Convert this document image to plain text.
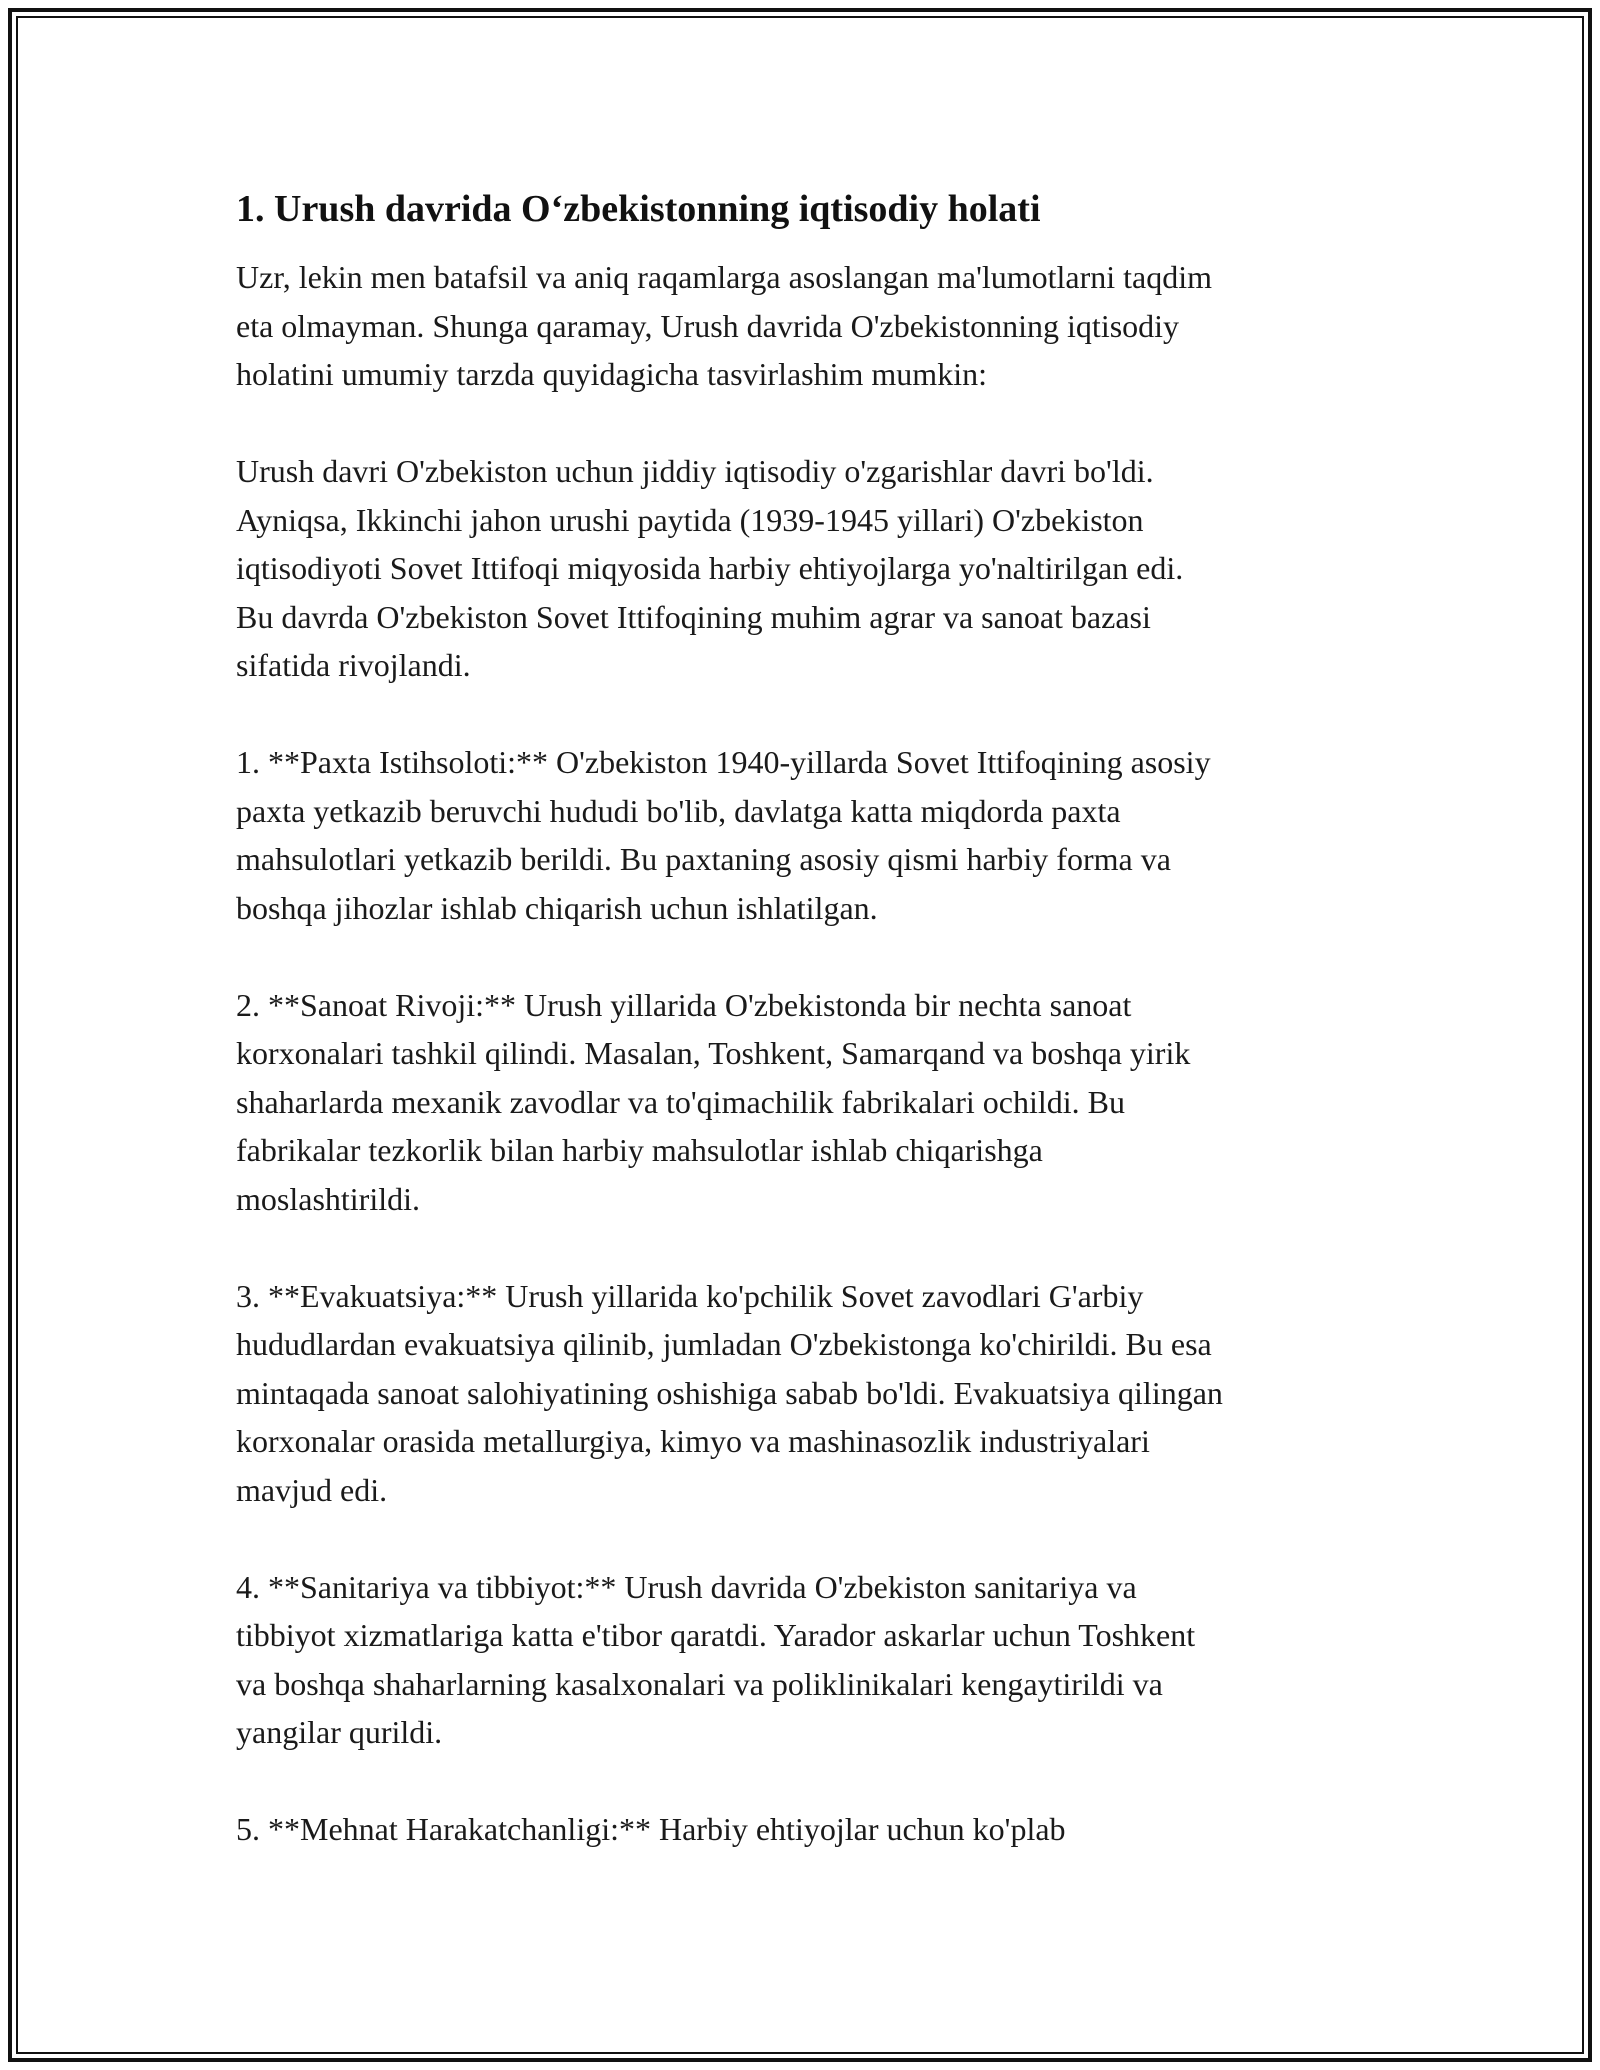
1. Urush davrida O‘zbekistonning iqtisodiy holati

Uzr, lekin men batafsil va aniq raqamlarga asoslangan ma'lumotlarni taqdim
eta olmayman. Shunga qaramay, Urush davrida O'zbekistonning iqtisodiy
holatini umumiy tarzda quyidagicha tasvirlashim mumkin:

Urush davri O'zbekiston uchun jiddiy iqtisodiy o'zgarishlar davri bo'ldi.
Ayniqsa, Ikkinchi jahon urushi paytida (1939-1945 yillari) O'zbekiston
iqtisodiyoti Sovet Ittifoqi miqyosida harbiy ehtiyojlarga yo'naltirilgan edi.
Bu davrda O'zbekiston Sovet Ittifoqining muhim agrar va sanoat bazasi
sifatida rivojlandi.

1. **Paxta Istihsoloti:** O'zbekiston 1940-yillarda Sovet Ittifoqining asosiy
paxta yetkazib beruvchi hududi bo'lib, davlatga katta miqdorda paxta
mahsulotlari yetkazib berildi. Bu paxtaning asosiy qismi harbiy forma va
boshqa jihozlar ishlab chiqarish uchun ishlatilgan.

2. **Sanoat Rivoji:** Urush yillarida O'zbekistonda bir nechta sanoat
korxonalari tashkil qilindi. Masalan, Toshkent, Samarqand va boshqa yirik
shaharlarda mexanik zavodlar va to'qimachilik fabrikalari ochildi. Bu
fabrikalar tezkorlik bilan harbiy mahsulotlar ishlab chiqarishga
moslashtirildi.

3. **Evakuatsiya:** Urush yillarida ko'pchilik Sovet zavodlari G'arbiy
hududlardan evakuatsiya qilinib, jumladan O'zbekistonga ko'chirildi. Bu esa
mintaqada sanoat salohiyatining oshishiga sabab bo'ldi. Evakuatsiya qilingan
korxonalar orasida metallurgiya, kimyo va mashinasozlik industriyalari
mavjud edi.

4. **Sanitariya va tibbiyot:** Urush davrida O'zbekiston sanitariya va
tibbiyot xizmatlariga katta e'tibor qaratdi. Yarador askarlar uchun Toshkent
va boshqa shaharlarning kasalxonalari va poliklinikalari kengaytirildi va
yangilar qurildi.

5. **Mehnat Harakatchanligi:** Harbiy ehtiyojlar uchun ko'plab
